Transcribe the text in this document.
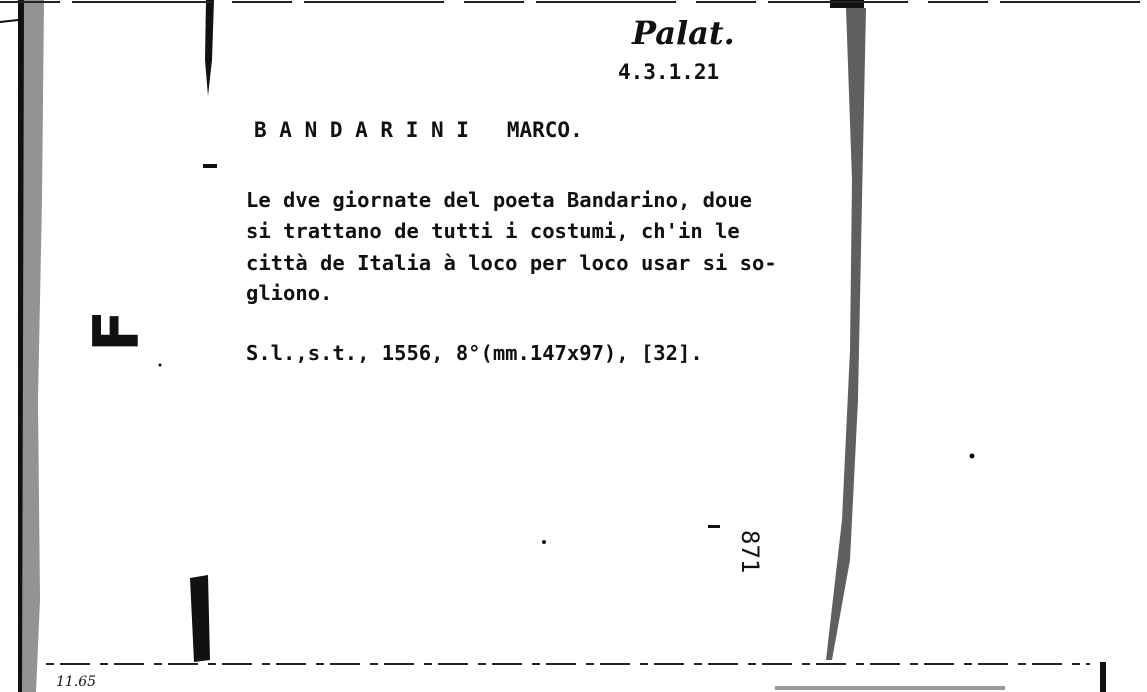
871
Palat.
4.3.1.21
B A N D A R I N I   MARCO.
Le dve giornate del poeta Bandarino, doue
si trattano de tutti i costumi, ch'in le
città de Italia à loco per loco usar si so-
gliono.
S.l.,s.t., 1556, 8°(mm.147x97), [32].
F
11.65
